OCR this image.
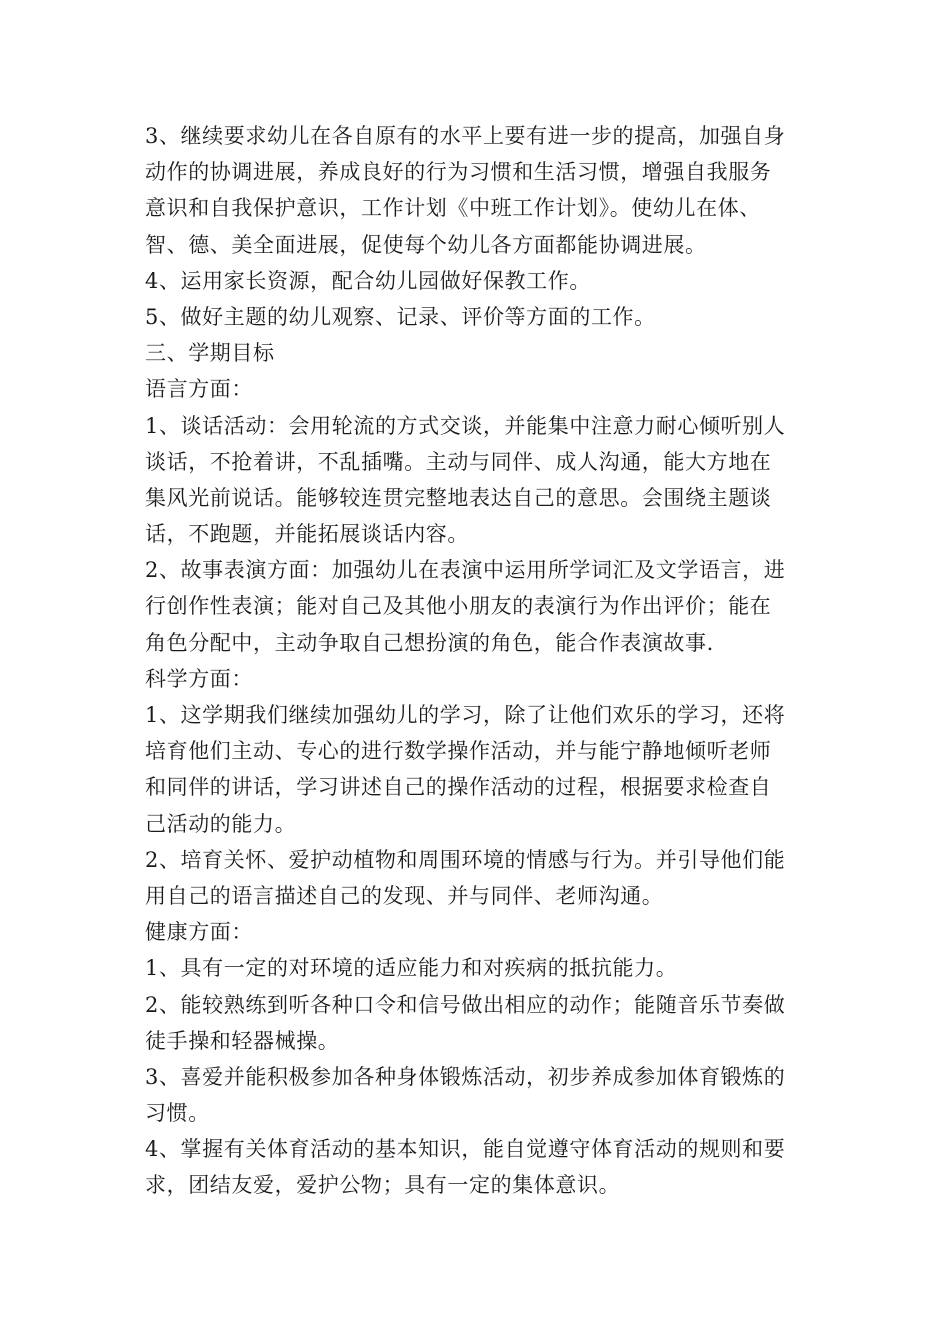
3、继续要求幼儿在各自原有的水平上要有进一步的提高，加强自身
动作的协调进展，养成良好的行为习惯和生活习惯，增强自我服务
意识和自我保护意识，工作计划《中班工作计划》。使幼儿在体、
智、德、美全面进展，促使每个幼儿各方面都能协调进展。
4、运用家长资源，配合幼儿园做好保教工作。
5、做好主题的幼儿观察、记录、评价等方面的工作。
三、学期目标
语言方面：
1、谈话活动：会用轮流的方式交谈，并能集中注意力耐心倾听别人
谈话，不抢着讲，不乱插嘴。主动与同伴、成人沟通，能大方地在
集风光前说话。能够较连贯完整地表达自己的意思。会围绕主题谈
话，不跑题，并能拓展谈话内容。
2、故事表演方面：加强幼儿在表演中运用所学词汇及文学语言，进
行创作性表演；能对自己及其他小朋友的表演行为作出评价；能在
角色分配中，主动争取自己想扮演的角色，能合作表演故事.
科学方面：
1、这学期我们继续加强幼儿的学习，除了让他们欢乐的学习，还将
培育他们主动、专心的进行数学操作活动，并与能宁静地倾听老师
和同伴的讲话，学习讲述自己的操作活动的过程，根据要求检查自
己活动的能力。
2、培育关怀、爱护动植物和周围环境的情感与行为。并引导他们能
用自己的语言描述自己的发现、并与同伴、老师沟通。
健康方面：
1、具有一定的对环境的适应能力和对疾病的抵抗能力。
2、能较熟练到听各种口令和信号做出相应的动作；能随音乐节奏做
徒手操和轻器械操。
3、喜爱并能积极参加各种身体锻炼活动，初步养成参加体育锻炼的
习惯。
4、掌握有关体育活动的基本知识，能自觉遵守体育活动的规则和要
求，团结友爱，爱护公物；具有一定的集体意识。
